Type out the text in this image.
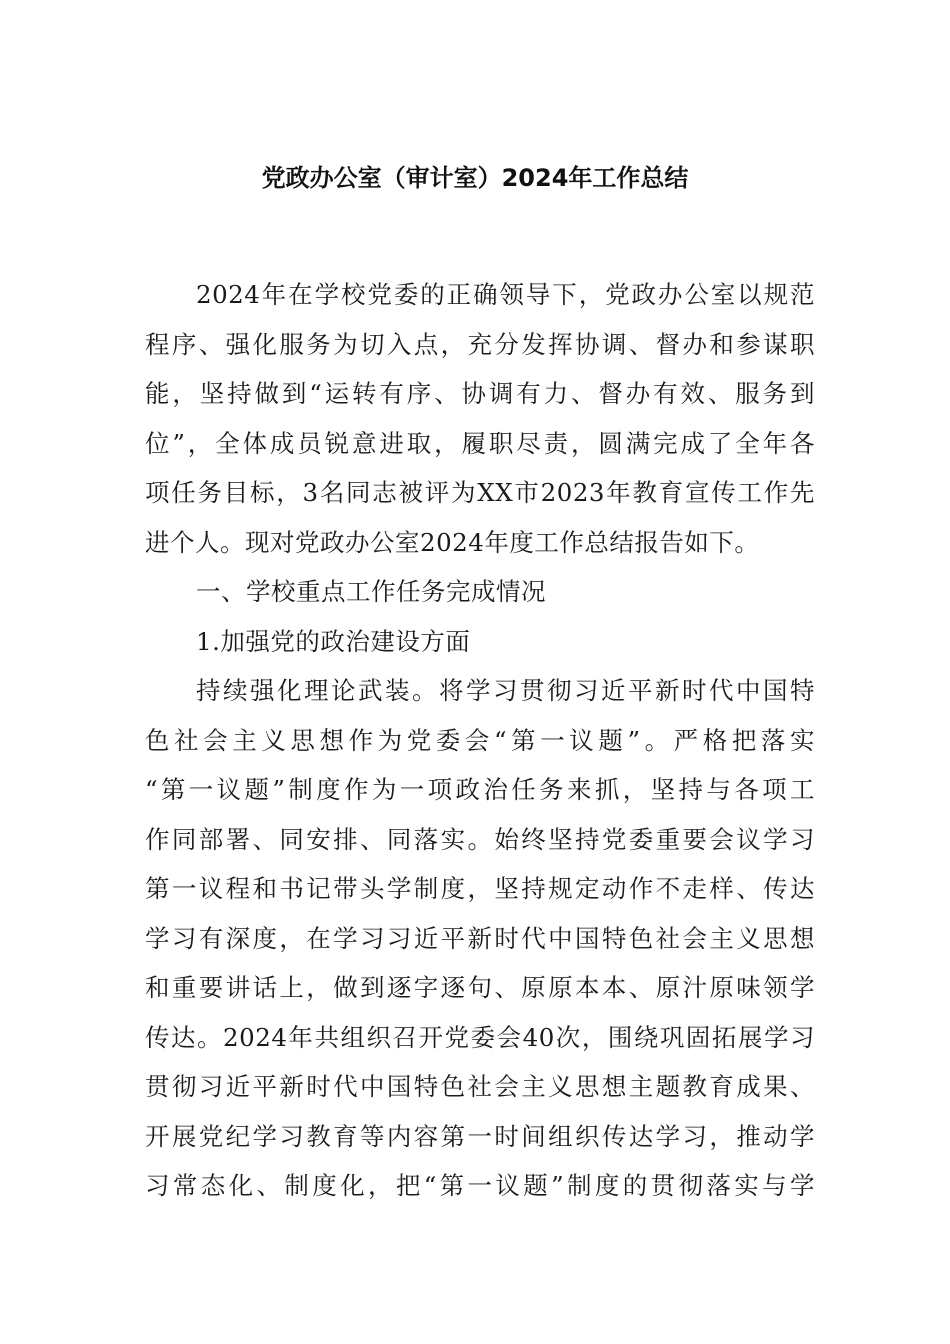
党政办公室（审计室）2024年工作总结
2024年在学校党委的正确领导下，党政办公室以规范
程序、强化服务为切入点，充分发挥协调、督办和参谋职
能，坚持做到“运转有序、协调有力、督办有效、服务到
位”，全体成员锐意进取，履职尽责，圆满完成了全年各
项任务目标，3名同志被评为XX市2023年教育宣传工作先
进个人。现对党政办公室2024年度工作总结报告如下。
一、学校重点工作任务完成情况
1.加强党的政治建设方面
持续强化理论武装。将学习贯彻习近平新时代中国特
色社会主义思想作为党委会“第一议题”。严格把落实
“第一议题”制度作为一项政治任务来抓，坚持与各项工
作同部署、同安排、同落实。始终坚持党委重要会议学习
第一议程和书记带头学制度，坚持规定动作不走样、传达
学习有深度，在学习习近平新时代中国特色社会主义思想
和重要讲话上，做到逐字逐句、原原本本、原汁原味领学
传达。2024年共组织召开党委会40次，围绕巩固拓展学习
贯彻习近平新时代中国特色社会主义思想主题教育成果、
开展党纪学习教育等内容第一时间组织传达学习，推动学
习常态化、制度化，把“第一议题”制度的贯彻落实与学
